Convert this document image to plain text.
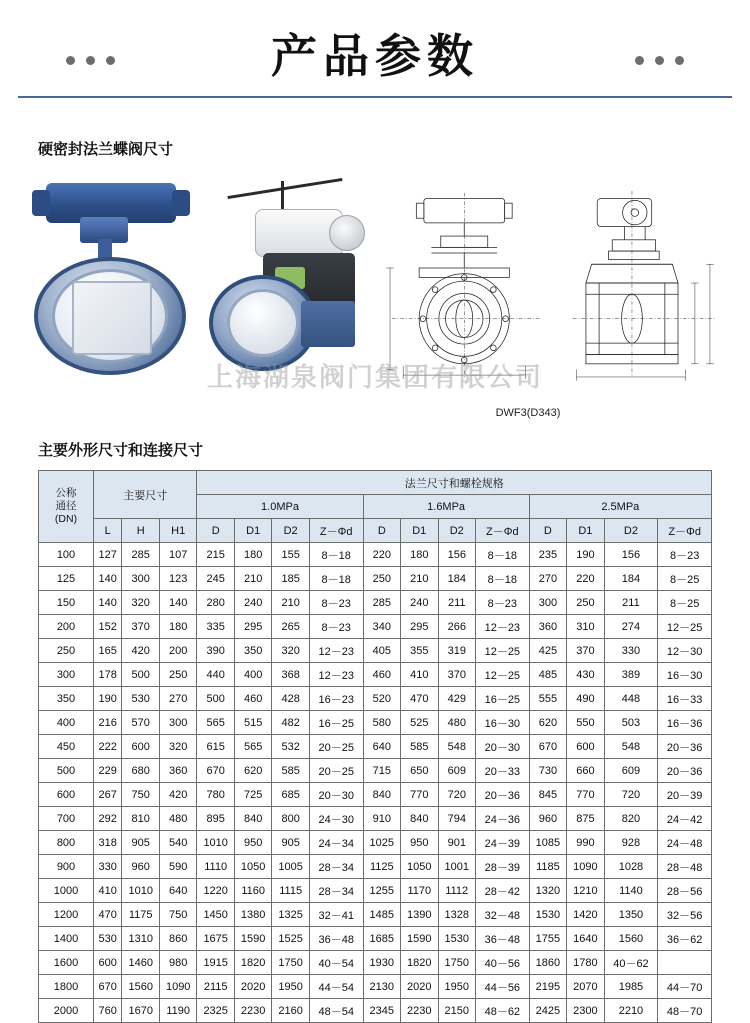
产品参数
硬密封法兰蝶阀尺寸
上海湖泉阀门集团有限公司
DWF3(D343)
主要外形尺寸和连接尺寸
公称
通径
(DN)	主要尺寸			法兰尺寸和螺栓规格											
				1.0MPa				1.6MPa				2.5MPa			
	L	H	H1	D	D1	D2	Z－Φd	D	D1	D2	Z－Φd	D	D1	D2	Z－Φd
100	127	285	107	215	180	155	8－18	220	180	156	8－18	235	190	156	8－23
125	140	300	123	245	210	185	8－18	250	210	184	8－18	270	220	184	8－25
150	140	320	140	280	240	210	8－23	285	240	211	8－23	300	250	211	8－25
200	152	370	180	335	295	265	8－23	340	295	266	12－23	360	310	274	12－25
250	165	420	200	390	350	320	12－23	405	355	319	12－25	425	370	330	12－30
300	178	500	250	440	400	368	12－23	460	410	370	12－25	485	430	389	16－30
350	190	530	270	500	460	428	16－23	520	470	429	16－25	555	490	448	16－33
400	216	570	300	565	515	482	16－25	580	525	480	16－30	620	550	503	16－36
450	222	600	320	615	565	532	20－25	640	585	548	20－30	670	600	548	20－36
500	229	680	360	670	620	585	20－25	715	650	609	20－33	730	660	609	20－36
600	267	750	420	780	725	685	20－30	840	770	720	20－36	845	770	720	20－39
700	292	810	480	895	840	800	24－30	910	840	794	24－36	960	875	820	24－42
800	318	905	540	1010	950	905	24－34	1025	950	901	24－39	1085	990	928	24－48
900	330	960	590	1110	1050	1005	28－34	1125	1050	1001	28－39	1185	1090	1028	28－48
1000	410	1010	640	1220	1160	1115	28－34	1255	1170	1112	28－42	1320	1210	1140	28－56
1200	470	1175	750	1450	1380	1325	32－41	1485	1390	1328	32－48	1530	1420	1350	32－56
1400	530	1310	860	1675	1590	1525	36－48	1685	1590	1530	36－48	1755	1640	1560	36－62
1600	600	1460	980	1915	1820	1750	40－54	1930	1820	1750	40－56	1860	1780	40－62	
1800	670	1560	1090	2115	2020	1950	44－54	2130	2020	1950	44－56	2195	2070	1985	44－70
2000	760	1670	1190	2325	2230	2160	48－54	2345	2230	2150	48－62	2425	2300	2210	48－70
